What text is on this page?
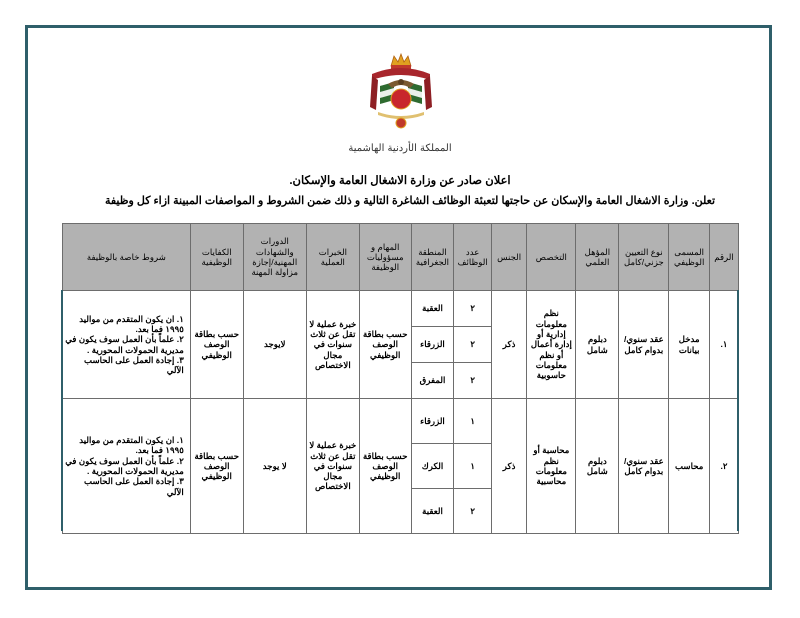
المملكة الأردنية الهاشمية
اعلان صادر عن وزارة الاشغال العامة والإسكان.
تعلن. وزارة الاشغال العامة والإسكان عن حاجتها لتعبئة الوظائف الشاغرة التالية و ذلك ضمن الشروط و المواصفات المبينة ازاء كل وظيفة
الرقم	المسمى الوظيفي	نوع التعيين جزني/كامل	المؤهل العلمي	التخصص	الجنس	عدد الوظائف	المنطقة الجغرافية	المهام و مسؤوليات الوظيفة	الخبرات العملية	الدورات والشهادات المهنية/إجازة مزاولة المهنة	الكفايات الوظيفية	شروط خاصة بالوظيفة
١.	مدخل بيانات	عقد سنوي/بدوام كامل	دبلوم شامل	نظم معلومات إدارية أو إدارة أعمال أو نظم معلومات حاسوبية	ذكر	٢	العقبة	حسب بطاقة الوصف الوظيفي	خبرة عملية لا تقل عن ثلاث سنوات في مجال الاختصاص	لايوجد	حسب بطاقة الوصف الوظيفي	١. ان يكون المتقدم من مواليد ١٩٩٥ فما بعد.
٢. علماً بأن العمل سوف يكون في مديرية الحمولات المحورية .
٣. إجادة العمل على الحاسب الآلي

						٢	الزرقاء					
						٢	المفرق					
٢.	محاسب	عقد سنوي/بدوام كامل	دبلوم شامل	محاسبة أو نظم معلومات محاسبية	ذكر	١	الزرقاء	حسب بطاقة الوصف الوظيفي	خبرة عملية لا تقل عن ثلاث سنوات في مجال الاختصاص	لا يوجد	حسب بطاقة الوصف الوظيفي	١. ان يكون المتقدم من مواليد ١٩٩٥ فما بعد.
٢. علماً بأن العمل سوف يكون في مديرية الحمولات المحورية .
٣. إجادة العمل على الحاسب الآلي

						١	الكرك					
						٢	العقبة					
